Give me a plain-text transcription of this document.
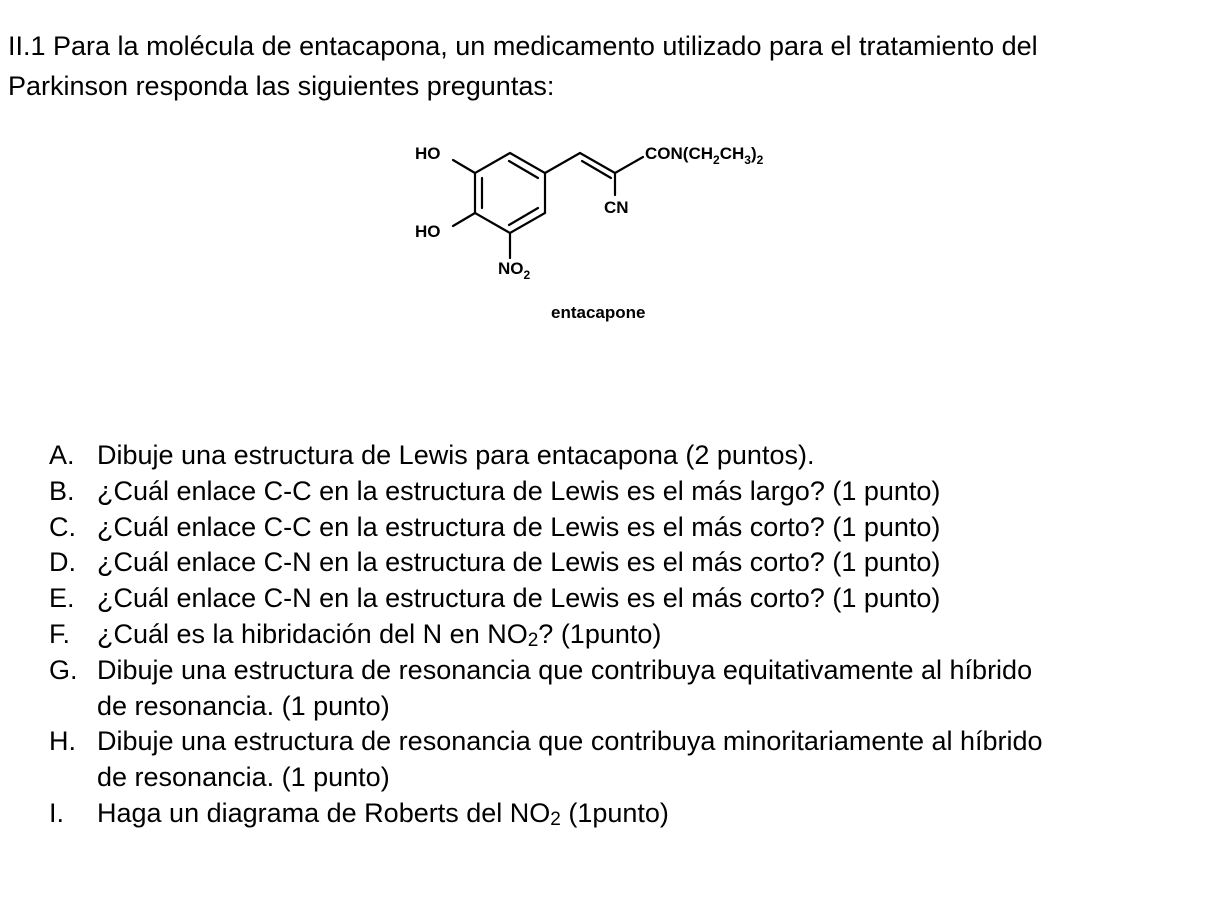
II.1 Para la molécula de entacapona, un medicamento utilizado para el tratamiento del

Parkinson responda las siguientes preguntas:

HO
HO
$CON(CH_2CH_3)_2$
CN
$NO_2$
entacapone
A. Dibuje una estructura de Lewis para entacapona (2 puntos).
B. ¿Cuál enlace C-C en la estructura de Lewis es el más largo? (1 punto)
C. ¿Cuál enlace C-C en la estructura de Lewis es el más corto? (1 punto)
D. ¿Cuál enlace C-N en la estructura de Lewis es el más corto? (1 punto)
E. ¿Cuál enlace C-N en la estructura de Lewis es el más corto? (1 punto)
F. ¿Cuál es la hibridación del N en $NO_2$? (1punto)
G. Dibuje una estructura de resonancia que contribuya equitativamente al híbrido
de resonancia. (1 punto)
H. Dibuje una estructura de resonancia que contribuya minoritariamente al híbrido
de resonancia. (1 punto)
I. Haga un diagrama de Roberts del $NO_2$ (1punto)
